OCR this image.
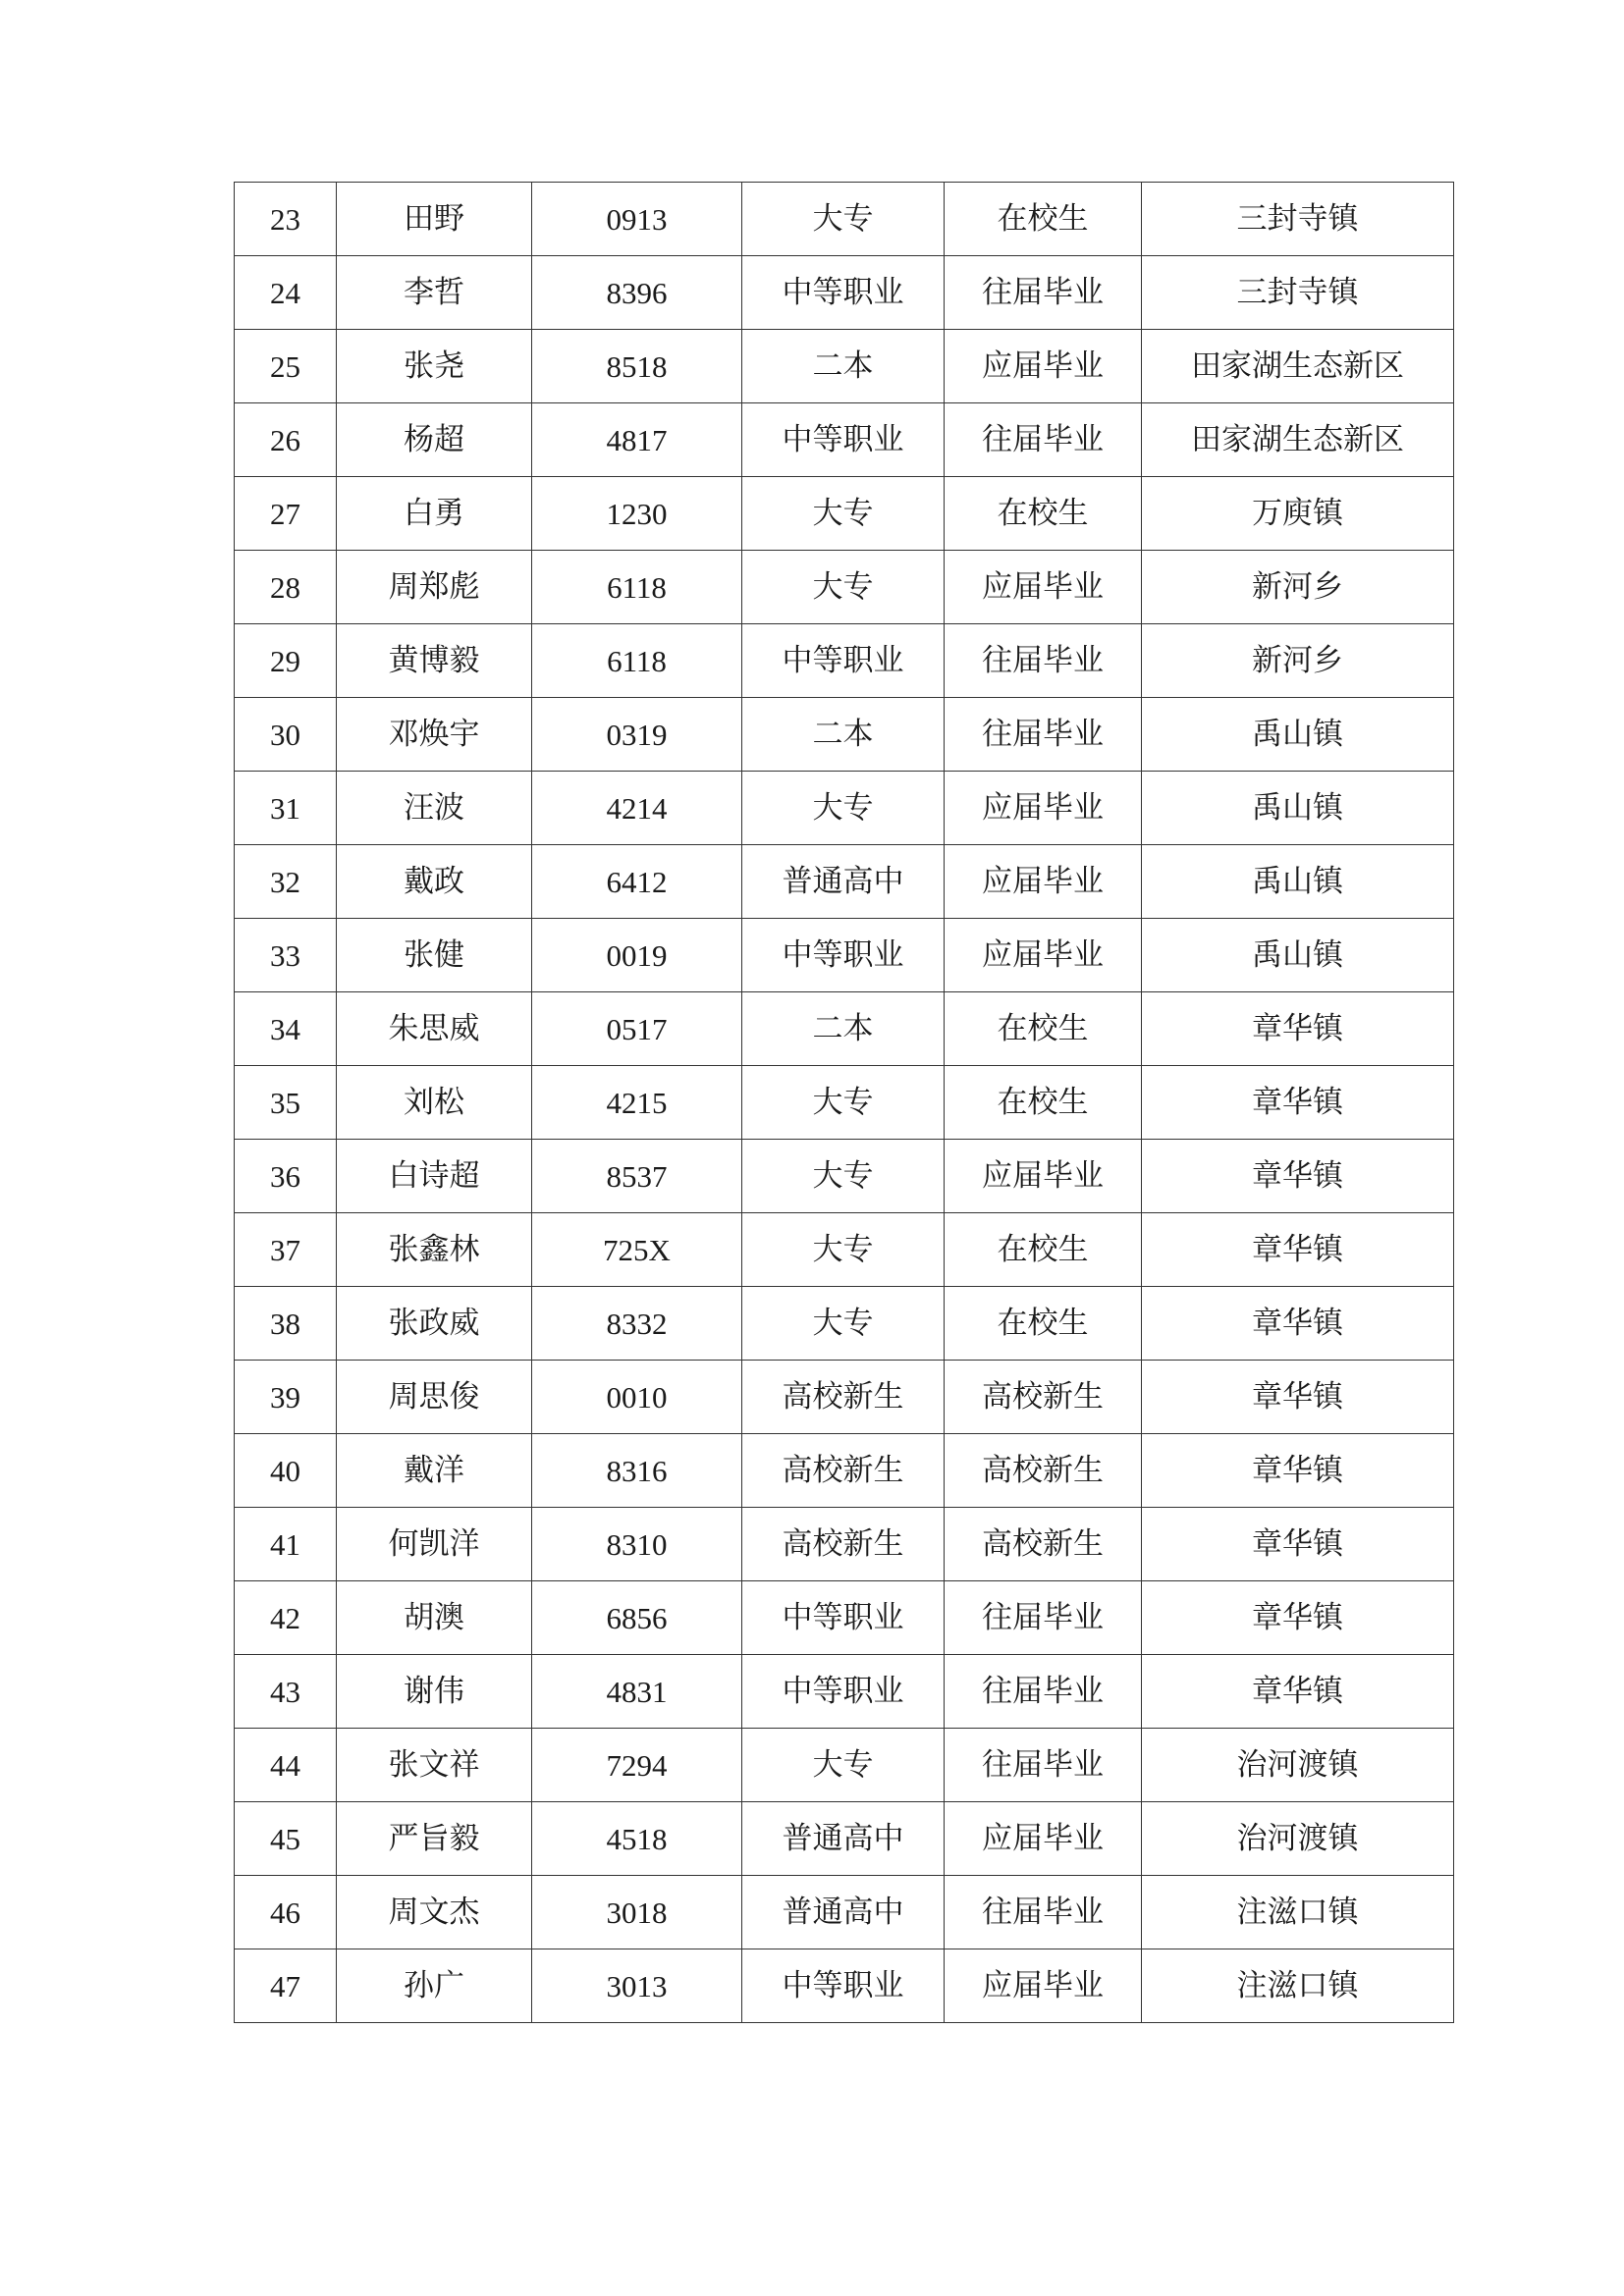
23	田野	0913	大专	在校生	三封寺镇
24	李哲	8396	中等职业	往届毕业	三封寺镇
25	张尧	8518	二本	应届毕业	田家湖生态新区
26	杨超	4817	中等职业	往届毕业	田家湖生态新区
27	白勇	1230	大专	在校生	万庾镇
28	周郑彪	6118	大专	应届毕业	新河乡
29	黄博毅	6118	中等职业	往届毕业	新河乡
30	邓焕宇	0319	二本	往届毕业	禹山镇
31	汪波	4214	大专	应届毕业	禹山镇
32	戴政	6412	普通高中	应届毕业	禹山镇
33	张健	0019	中等职业	应届毕业	禹山镇
34	朱思威	0517	二本	在校生	章华镇
35	刘松	4215	大专	在校生	章华镇
36	白诗超	8537	大专	应届毕业	章华镇
37	张鑫林	725X	大专	在校生	章华镇
38	张政威	8332	大专	在校生	章华镇
39	周思俊	0010	高校新生	高校新生	章华镇
40	戴洋	8316	高校新生	高校新生	章华镇
41	何凯洋	8310	高校新生	高校新生	章华镇
42	胡澳	6856	中等职业	往届毕业	章华镇
43	谢伟	4831	中等职业	往届毕业	章华镇
44	张文祥	7294	大专	往届毕业	治河渡镇
45	严旨毅	4518	普通高中	应届毕业	治河渡镇
46	周文杰	3018	普通高中	往届毕业	注滋口镇
47	孙广	3013	中等职业	应届毕业	注滋口镇
